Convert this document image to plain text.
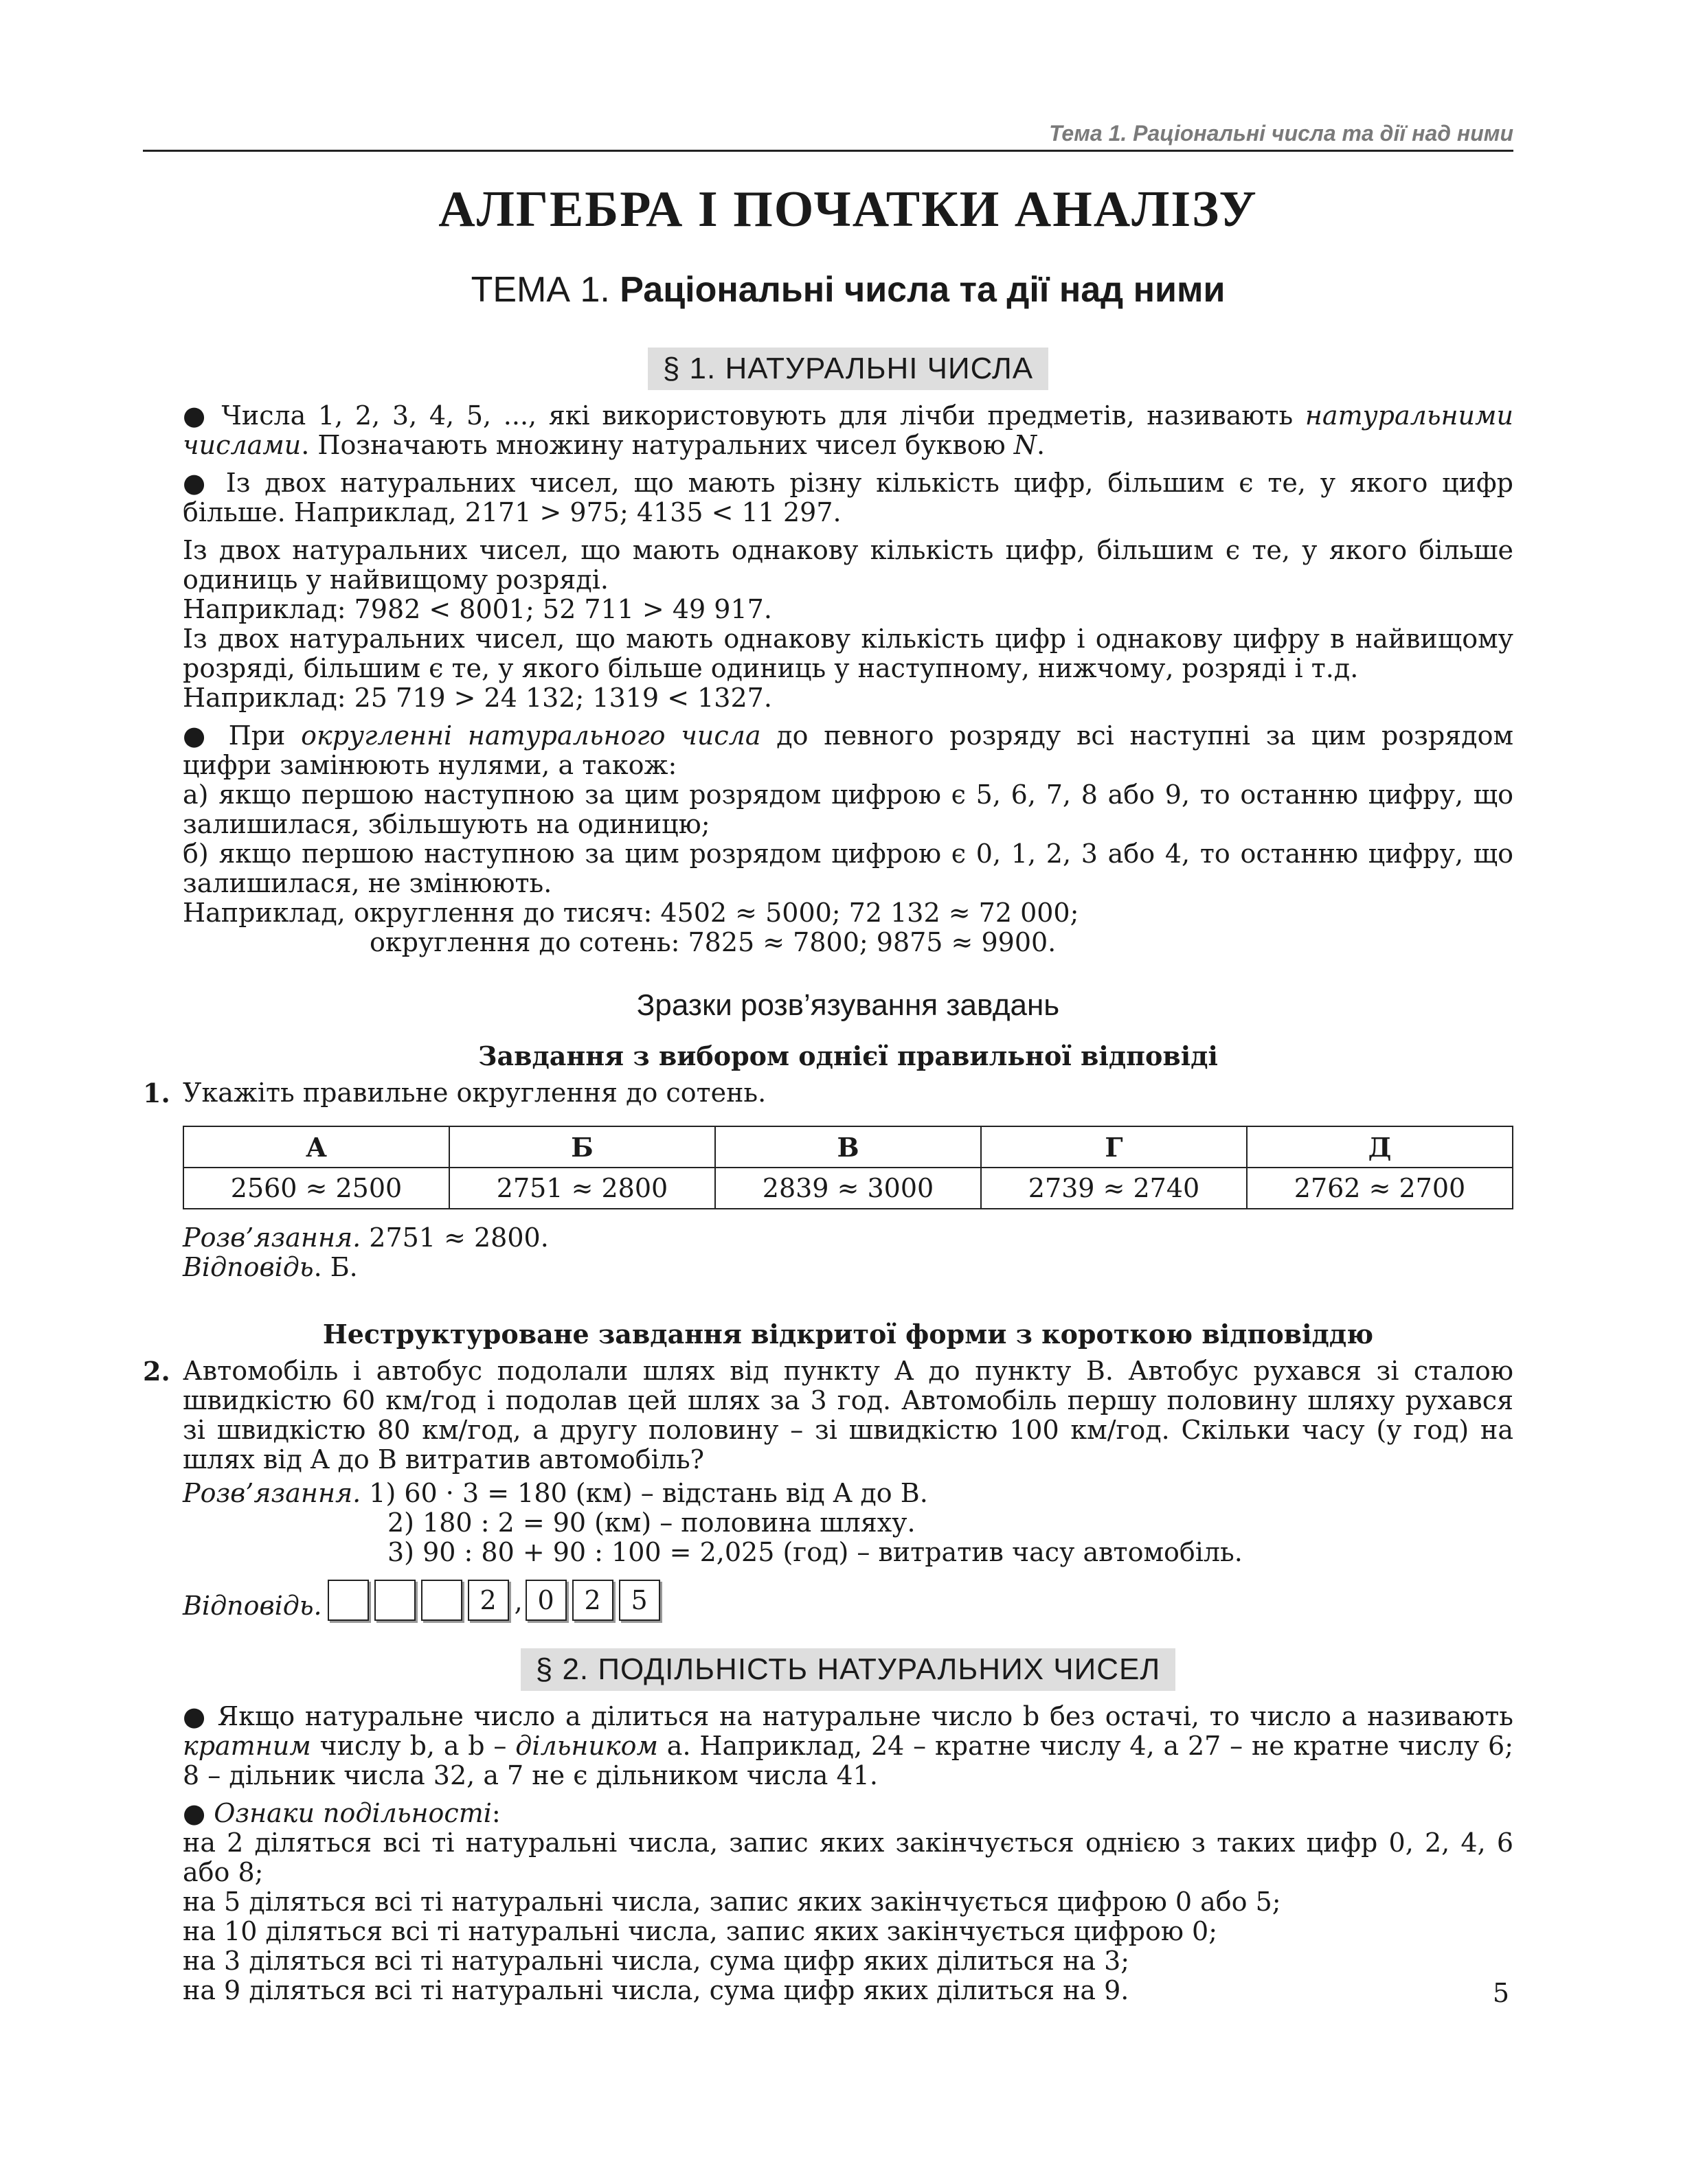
Тема 1. Раціональні числа та дії над ними
АЛГЕБРА І ПОЧАТКИ АНАЛІЗУ
ТЕМА 1. Раціональні числа та дії над ними
§ 1. НАТУРАЛЬНІ ЧИСЛА

● Числа 1, 2, 3, 4, 5, ..., які використовують для лічби предметів, називають натуральними числами. Позначають множину натуральних чисел буквою N.

● Із двох натуральних чисел, що мають різну кількість цифр, більшим є те, у якого цифр більше. Наприклад, 2171 > 975; 4135 < 11 297.

Із двох натуральних чисел, що мають однакову кількість цифр, більшим є те, у якого більше одиниць у найвищому розряді.

Наприклад: 7982 < 8001; 52 711 > 49 917.

Із двох натуральних чисел, що мають однакову кількість цифр і однакову цифру в найвищому розряді, більшим є те, у якого більше одиниць у наступному, нижчому, розряді і т.д.

Наприклад: 25 719 > 24 132; 1319 < 1327.

● При округленні натурального числа до певного розряду всі наступні за цим розрядом цифри замінюють нулями, а також:

а) якщо першою наступною за цим розрядом цифрою є 5, 6, 7, 8 або 9, то останню цифру, що залишилася, збільшують на одиницю;

б) якщо першою наступною за цим розрядом цифрою є 0, 1, 2, 3 або 4, то останню цифру, що залишилася, не змінюють.

Наприклад, округлення до тисяч: 4502 ≈ 5000; 72 132 ≈ 72 000;

округлення до сотень: 7825 ≈ 7800; 9875 ≈ 9900.

Зразки розв’язування завдань
Завдання з вибором однієї правильної відповіді
1. Укажіть правильне округлення до сотень.
А	Б	В	Г	Д
2560 ≈ 2500	2751 ≈ 2800	2839 ≈ 3000	2739 ≈ 2740	2762 ≈ 2700

Розв’язання. 2751 ≈ 2800.

Відповідь. Б.

Неструктуроване завдання відкритої форми з короткою відповіддю
2. Автомобіль і автобус подолали шлях від пункту A до пункту B. Автобус рухався зі сталою швидкістю 60 км/год і подолав цей шлях за 3 год. Автомобіль першу половину шляху рухався зі швидкістю 80 км/год, а другу половину – зі швидкістю 100 км/год. Скільки часу (у год) на шлях від A до B витратив автомобіль?

Розв’язання. 1) 60 · 3 = 180 (км) – відстань від A до B.

2) 180 : 2 = 90 (км) – половина шляху.

3) 90 : 80 + 90 : 100 = 2,025 (год) – витратив часу автомобіль.

Відповідь.	2 , 0	2	5
§ 2. ПОДІЛЬНІСТЬ НАТУРАЛЬНИХ ЧИСЕЛ

● Якщо натуральне число a ділиться на натуральне число b без остачі, то число a називають кратним числу b, а b – дільником a. Наприклад, 24 – кратне числу 4, а 27 – не кратне числу 6; 8 – дільник числа 32, а 7 не є дільником числа 41.

● Ознаки подільності:

на 2 діляться всі ті натуральні числа, запис яких закінчується однією з таких цифр 0, 2, 4, 6 або 8;

на 5 діляться всі ті натуральні числа, запис яких закінчується цифрою 0 або 5;

на 10 діляться всі ті натуральні числа, запис яких закінчується цифрою 0;

на 3 діляться всі ті натуральні числа, сума цифр яких ділиться на 3;

на 9 діляться всі ті натуральні числа, сума цифр яких ділиться на 9.	5
